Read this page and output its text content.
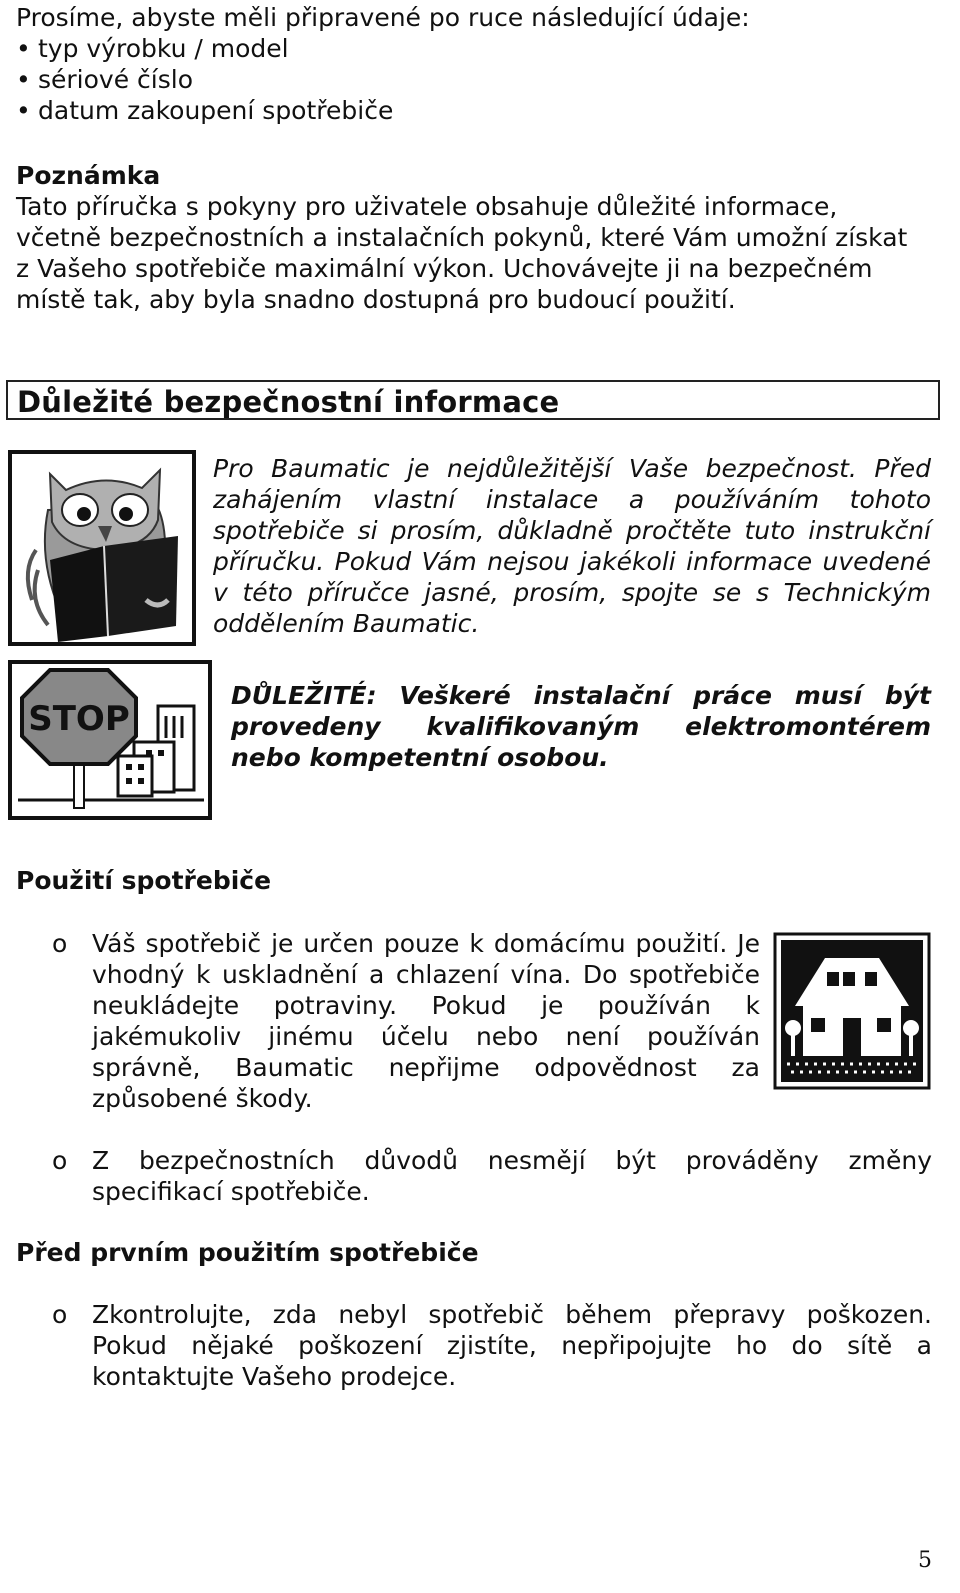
Prosíme, abyste měli připravené po ruce následující údaje:

• typ výrobku / model
• sériové číslo
• datum zakoupení spotřebiče
Poznámka

Tato příručka s pokyny pro uživatele obsahuje důležité informace, včetně bezpečnostních a instalačních pokynů, které Vám umožní získat z Vašeho spotřebiče maximální výkon. Uchovávejte ji na bezpečném místě tak, aby byla snadno dostupná pro budoucí použití.

Důležité bezpečnostní informace

Pro Baumatic je nejdůležitější Vaše bezpečnost. Před zahájením vlastní instalace a používáním tohoto spotřebiče si prosím, důkladně pročtěte tuto instrukční příručku. Pokud Vám nejsou jakékoli informace uvedené v této příručce jasné, prosím, spojte se s Technickým oddělením Baumatic.

STOP

DŮLEŽITÉ: Veškeré instalační práce musí být provedeny kvalifikovaným elektromontérem nebo kompetentní osobou.

Použití spotřebiče
o Váš spotřebič je určen pouze k domácímu použití. Je vhodný k uskladnění a chlazení vína. Do spotřebiče neukládejte potraviny. Pokud je používán k jakémukoliv jinému účelu nebo není používán správně, Baumatic nepřijme odpovědnost za způsobené škody.

o Z bezpečnostních důvodů nesmějí být prováděny změny specifikací spotřebiče.

Před prvním použitím spotřebiče
o Zkontrolujte, zda nebyl spotřebič během přepravy poškozen. Pokud nějaké poškození zjistíte, nepřipojujte ho do sítě a kontaktujte Vašeho prodejce.

5
